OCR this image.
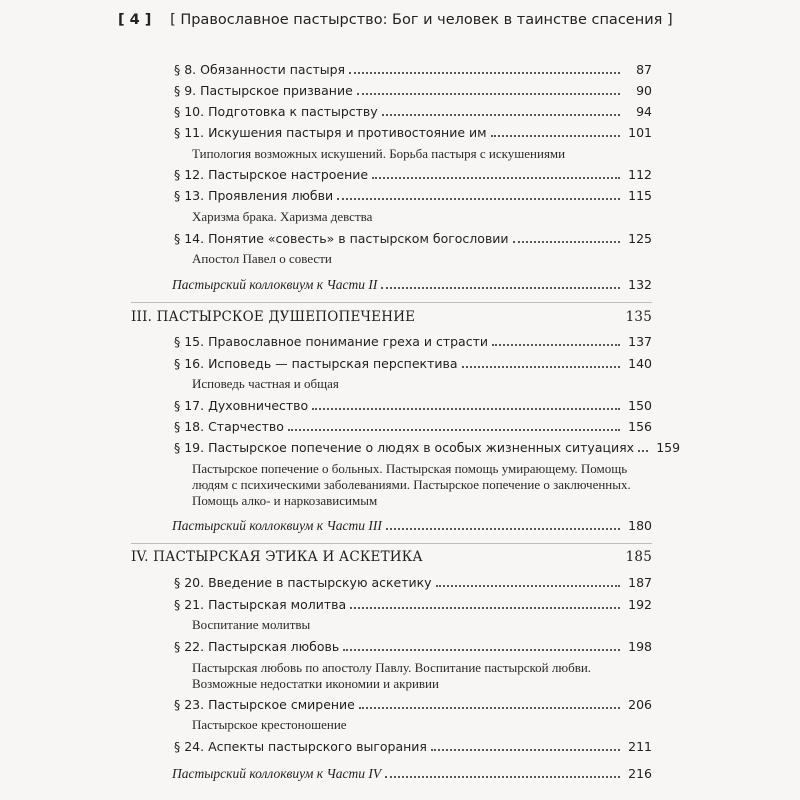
[ 4 ] [ Православное пастырство: Бог и человек в таинстве спасения ]
§ 8. Обязанности пастыря	87
§ 9. Пастырское призвание	90
§ 10. Подготовка к пастырству	94
§ 11. Искушения пастыря и противостояние им	101
Типология возможных искушений. Борьба пастыря с искушениями
§ 12. Пастырское настроение	112
§ 13. Проявления любви	115
Харизма брака. Харизма девства
§ 14. Понятие «совесть» в пастырском богословии	125
Апостол Павел о совести
Пастырский коллоквиум к Части II	132
III. ПАСТЫРСКОЕ ДУШЕПОПЕЧЕНИЕ	135
§ 15. Православное понимание греха и страсти	137
§ 16. Исповедь — пастырская перспектива	140
Исповедь частная и общая
§ 17. Духовничество	150
§ 18. Старчество	156
§ 19. Пастырское попечение о людях в особых жизненных ситуациях	159
Пастырское попечение о больных. Пастырская помощь умирающему. Помощь людям с психическими заболеваниями. Пастырское попечение о заключенных. Помощь алко- и наркозависимым
Пастырский коллоквиум к Части III	180
IV. ПАСТЫРСКАЯ ЭТИКА И АСКЕТИКА	185
§ 20. Введение в пастырскую аскетику	187
§ 21. Пастырская молитва	192
Воспитание молитвы
§ 22. Пастырская любовь	198
Пастырская любовь по апостолу Павлу. Воспитание пастырской любви. Возможные недостатки икономии и акривии
§ 23. Пастырское смирение	206
Пастырское крестоношение
§ 24. Аспекты пастырского выгорания	211
Пастырский коллоквиум к Части IV	216
